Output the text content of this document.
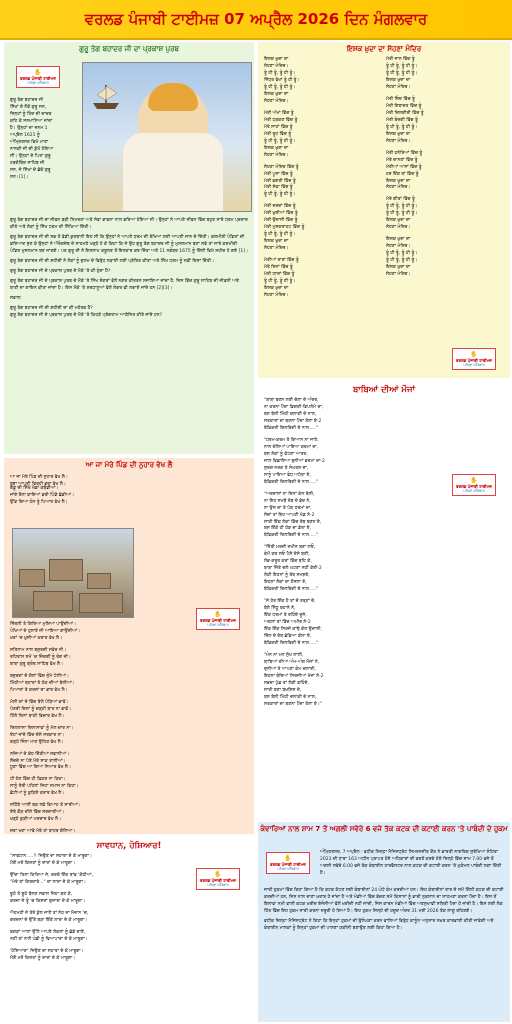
ਵਰਲਡ ਪੰਜਾਬੀ ਟਾਈਮਜ਼ 07 ਅਪ੍ਰੈਲ 2026 ਦਿਨ ਮੰਗਲਵਾਰ
ਗੁਰੂ ਤੇਗ ਬਹਾਦਰ ਜੀ ਦਾ ਪ੍ਰਕਾਸ਼ ਪੁਰਬ
✋
ਵਰਲਡ ਪੰਜਾਬੀ ਟਾਈਮਜ਼
ਪਹਿਲਾਂ ਸਤਿਕਾਰ
ਗੁਰੂ ਤੇਗ ਬਹਾਦਰ ਜੀ
ਸਿੱਖਾਂ ਦੇ ਨੌਵੇਂ ਗੁਰੂ ਸਨ,
ਜਿਨ੍ਹਾਂ ਨੂੰ ਹਿੰਦ ਦੀ ਚਾਦਰ
ਕਹਿ ਕੇ ਸਨਮਾਨਿਆ ਜਾਂਦਾ
ਹੈ। ਉਨ੍ਹਾਂ ਦਾ ਜਨਮ 1
ਅਪ੍ਰੈਲ 1621 ਨੂੰ
ਅੰਮ੍ਰਿਤਸਰ ਵਿਖੇ ਮਾਤਾ
ਨਾਨਕੀ ਜੀ ਦੀ ਕੁੱਖੋਂ ਹੋਇਆ
ਸੀ। ਉਨ੍ਹਾਂ ਦੇ ਪਿਤਾ ਗੁਰੂ
ਹਰਗੋਬਿੰਦ ਸਾਹਿਬ ਜੀ
ਸਨ, ਜੋ ਸਿੱਖਾਂ ਦੇ ਛੇਵੇਂ ਗੁਰੂ
ਸਨ।[1]।

ਗੁਰੂ ਤੇਗ ਬਹਾਦਰ ਜੀ ਦਾ ਜੀਵਨ ਬੜੀ ਨਿਮਰਤਾ ਅਤੇ ਸੇਵਾ ਭਾਵਨਾ ਨਾਲ ਭਰਿਆ ਹੋਇਆ ਸੀ। ਉਨ੍ਹਾਂ ਨੇ ਆਪਣੇ ਜੀਵਨ ਵਿੱਚ ਬਹੁਤ ਸਾਰੇ ਧਰਮ ਪ੍ਰਚਾਰ ਕੀਤੇ ਅਤੇ ਲੋਕਾਂ ਨੂੰ ਸਿੱਖ ਧਰਮ ਦੀ ਸਿੱਖਿਆ ਦਿੱਤੀ।

ਗੁਰੂ ਤੇਗ ਬਹਾਦਰ ਜੀ ਦੀ ਸਭ ਤੋਂ ਵੱਡੀ ਕੁਰਬਾਨੀ ਇਹ ਸੀ ਕਿ ਉਨ੍ਹਾਂ ਨੇ ਆਪਣੇ ਧਰਮ ਦੀ ਰੱਖਿਆ ਲਈ ਆਪਣੀ ਜਾਨ ਦੇ ਦਿੱਤੀ। ਕਸ਼ਮੀਰੀ ਪੰਡਿਤਾਂ ਦੀ ਫ਼ਰਿਆਦ ਸੁਣ ਕੇ ਉਨ੍ਹਾਂ ਨੇ ਔਰੰਗਜ਼ੇਬ ਦੇ ਸਾਹਮਣੇ ਖੜ੍ਹੇ ਹੋ ਕੇ ਕਿਹਾ ਕਿ ਜੇ ਉਹ ਗੁਰੂ ਤੇਗ ਬਹਾਦਰ ਜੀ ਨੂੰ ਮੁਸਲਮਾਨ ਬਣਾ ਲਵੇ ਤਾਂ ਸਾਰੇ ਕਸ਼ਮੀਰੀ ਪੰਡਿਤ ਮੁਸਲਮਾਨ ਬਣ ਜਾਣਗੇ। ਪਰ ਗੁਰੂ ਜੀ ਨੇ ਇਸਲਾਮ ਕਬੂਲਣ ਤੋਂ ਇਨਕਾਰ ਕਰ ਦਿੱਤਾ ਅਤੇ 11 ਨਵੰਬਰ 1675 ਨੂੰ ਦਿੱਲੀ ਵਿਖੇ ਸ਼ਹੀਦ ਹੋ ਗਏ [1]।

ਗੁਰੂ ਤੇਗ ਬਹਾਦਰ ਜੀ ਦੀ ਸ਼ਹੀਦੀ ਨੇ ਲੋਕਾਂ ਨੂੰ ਜ਼ੁਲਮ ਦੇ ਵਿਰੁੱਧ ਲੜਾਈ ਲਈ ਪ੍ਰੇਰਿਤ ਕੀਤਾ ਅਤੇ ਸਿੱਖ ਧਰਮ ਨੂੰ ਨਵੀਂ ਦਿਸ਼ਾ ਦਿੱਤੀ।

ਗੁਰੂ ਤੇਗ ਬਹਾਦਰ ਜੀ ਦੇ ਪ੍ਰਕਾਸ਼ ਪੁਰਬ ਦੇ ਮੌਕੇ 'ਤੇ ਕੀ ਹੁੰਦਾ ਹੈ?

ਗੁਰੂ ਤੇਗ ਬਹਾਦਰ ਜੀ ਦੇ ਪ੍ਰਕਾਸ਼ ਪੁਰਬ ਦੇ ਮੌਕੇ 'ਤੇ ਸਿੱਖ ਸੰਗਤਾਂ ਵੱਲੋਂ ਨਗਰ ਕੀਰਤਨ ਸਜਾਇਆ ਜਾਂਦਾ ਹੈ, ਜਿਸ ਵਿੱਚ ਗੁਰੂ ਸਾਹਿਬ ਦੀ ਜੀਵਨੀ ਅਤੇ ਬਾਣੀ ਦਾ ਗਾਇਨ ਕੀਤਾ ਜਾਂਦਾ ਹੈ। ਇਸ ਮੌਕੇ 'ਤੇ ਸ਼ਰਧਾਲੂਆਂ ਵੱਲੋਂ ਲੰਗਰ ਵੀ ਲਗਾਏ ਜਾਂਦੇ ਹਨ [2][3]।

ਸਵਾਲ:

ਗੁਰੂ ਤੇਗ ਬਹਾਦਰ ਜੀ ਦੀ ਸ਼ਹੀਦੀ ਦਾ ਕੀ ਮਹੱਤਵ ਹੈ?

ਗੁਰੂ ਤੇਗ ਬਹਾਦਰ ਜੀ ਦੇ ਪ੍ਰਕਾਸ਼ ਪੁਰਬ ਦੇ ਮੌਕੇ 'ਤੇ ਕਿਹੜੇ ਪ੍ਰੋਗਰਾਮ ਆਯੋਜਿਤ ਕੀਤੇ ਜਾਂਦੇ ਹਨ?

ਇਸ਼ਕ ਖ਼ੁਦਾ ਦਾ ਸੋਹਣਾ ਮੰਦਿਰ
ਇਸ਼ਕ ਖ਼ੁਦਾ ਦਾ
ਸੋਹਣਾ ਮੰਦਿਰ।
ਤੂੰ ਹੀ ਤੂੰ, ਤੂੰ ਹੀ ਤੂੰ।
ਜਿੱਧਰ ਵੇਖਾਂ ਤੂੰ ਹੀ ਤੂੰ।
ਤੂੰ ਹੀ ਤੂੰ, ਤੂੰ ਹੀ ਤੂੰ।
ਇਸ਼ਕ ਖ਼ੁਦਾ ਦਾ
ਸੋਹਣਾ ਮੰਦਿਰ।
ਮੇਰੀ ਅੱਖਾਂ ਵਿੱਚ ਤੂੰ
ਮੇਰੀ ਧੜਕਣ ਵਿੱਚ ਤੂੰ
ਮੇਰੇ ਸਾਹਾਂ ਵਿੱਚ ਤੂੰ
ਮੇਰੀ ਰੂਹ ਵਿੱਚ ਤੂੰ
ਤੂੰ ਹੀ ਤੂੰ, ਤੂੰ ਹੀ ਤੂੰ।
ਇਸ਼ਕ ਖ਼ੁਦਾ ਦਾ
ਸੋਹਣਾ ਮੰਦਿਰ।
ਸੋਹਣਾ ਮੰਦਿਰ ਵਿੱਚ ਤੂੰ
ਮੇਰੀ ਪੂਜਾ ਵਿੱਚ ਤੂੰ
ਮੇਰੀ ਭਗਤੀ ਵਿੱਚ ਤੂੰ
ਮੇਰੀ ਸੇਵਾ ਵਿੱਚ ਤੂੰ
ਤੂੰ ਹੀ ਤੂੰ, ਤੂੰ ਹੀ ਤੂੰ।
ਮੇਰੀ ਦਰਦਾਂ ਵਿੱਚ ਤੂੰ
ਮੇਰੀ ਖ਼ੁਸ਼ੀਆਂ ਵਿੱਚ ਤੂੰ
ਮੇਰੀ ਉਦਾਸੀ ਵਿੱਚ ਤੂੰ
ਮੇਰੀ ਮੁਸਕਰਾਹਟ ਵਿੱਚ ਤੂੰ
ਤੂੰ ਹੀ ਤੂੰ, ਤੂੰ ਹੀ ਤੂੰ।
ਇਸ਼ਕ ਖ਼ੁਦਾ ਦਾ
ਸੋਹਣਾ ਮੰਦਿਰ।
ਮੇਰੀਆਂ ਰਾਤਾਂ ਵਿੱਚ ਤੂੰ
ਮੇਰੇ ਦਿਨਾਂ ਵਿੱਚ ਤੂੰ
ਮੇਰੀ ਯਾਦਾਂ ਵਿੱਚ ਤੂੰ
ਤੂੰ ਹੀ ਤੂੰ, ਤੂੰ ਹੀ ਤੂੰ।
ਇਸ਼ਕ ਖ਼ੁਦਾ ਦਾ
ਸੋਹਣਾ ਮੰਦਿਰ।
ਮੇਰੀ ਜਾਨ ਵਿੱਚ ਤੂੰ
ਤੂੰ ਹੀ ਤੂੰ, ਤੂੰ ਹੀ ਤੂੰ।
ਤੂੰ ਹੀ ਤੂੰ, ਤੂੰ ਹੀ ਤੂੰ।
ਇਸ਼ਕ ਖ਼ੁਦਾ ਦਾ
ਸੋਹਣਾ ਮੰਦਿਰ।
ਮੇਰੀ ਜ਼ਿੰਦ ਵਿੱਚ ਤੂੰ
ਮੇਰੀ ਇਬਾਦਤ ਵਿੱਚ ਤੂੰ
ਮੇਰੀ ਦਿਲਗੀਰੀ ਵਿੱਚ ਤੂੰ
ਮੇਰੀ ਬੰਦਗੀ ਵਿੱਚ ਤੂੰ
ਤੂੰ ਹੀ ਤੂੰ, ਤੂੰ ਹੀ ਤੂੰ।
ਇਸ਼ਕ ਖ਼ੁਦਾ ਦਾ
ਸੋਹਣਾ ਮੰਦਿਰ।
ਮੇਰੀ ਹਨੇਰਿਆਂ ਵਿੱਚ ਤੂੰ
ਮੇਰੇ ਚਾਨਣਾਂ ਵਿੱਚ ਤੂੰ
ਮੇਰੀਆਂ ਆਸਾਂ ਵਿੱਚ ਤੂੰ
ਹਰ ਇੱਕ ਥਾਂ ਵਿੱਚ ਤੂੰ
ਇਸ਼ਕ ਖ਼ੁਦਾ ਦਾ
ਸੋਹਣਾ ਮੰਦਿਰ।
ਮੇਰੇ ਗੀਤਾਂ ਵਿੱਚ ਤੂੰ
ਤੂੰ ਹੀ ਤੂੰ, ਤੂੰ ਹੀ ਤੂੰ।
ਤੂੰ ਹੀ ਤੂੰ, ਤੂੰ ਹੀ ਤੂੰ।
ਇਸ਼ਕ ਖ਼ੁਦਾ ਦਾ
ਸੋਹਣਾ ਮੰਦਿਰ।
ਇਸ਼ਕ ਖ਼ੁਦਾ ਦਾ
ਸੋਹਣਾ ਮੰਦਿਰ।
ਤੂੰ ਹੀ ਤੂੰ, ਤੂੰ ਹੀ ਤੂੰ।
ਤੂੰ ਹੀ ਤੂੰ, ਤੂੰ ਹੀ ਤੂੰ।
ਇਸ਼ਕ ਖ਼ੁਦਾ ਦਾ
ਸੋਹਣਾ ਮੰਦਿਰ।
✋
ਵਰਲਡ ਪੰਜਾਬੀ ਟਾਈਮਜ਼
ਪਹਿਲਾਂ ਸਤਿਕਾਰ
ਬਾਬਿਆਂ ਦੀਆਂ ਮੌਜਾਂ
"ਬਾਬਾ ਬਣਨ ਲਈ ਚੇਲਾ ਦੇ ਅੰਦਰ,
ਨਾ ਕਰਨਾ ਪੈਂਦਾ ਡਿਗਰੀ-ਡਿਪਲੋਮੇ ਦਾ,
ਬਸ ਬੋਲੀ ਮਿੱਠੀ ਚਲਾਕੀ ਦੇ ਨਾਲ,
ਸਤਕਾਰਾਂ ਦਾ ਬਣਨਾ ਪੈਂਦਾ ਤੇਲਾ ਏ-2
ਬੇਫ਼ਿਕਰੀ ਦਿਲਰਿਗੀ ਦੇ ਨਾਲ....."
"ਧਰਮ-ਕਰਮ ਤੇ ਗਿਆਨ ਨਾ ਜਾਣੇ,
ਨਾਲ ਚੇਲਿਆਂ ਪਾਇਆ ਕਰਮਾਂ ਦਾ,
ਬਸ ਲੋਕਾਂ ਨੂੰ ਵੱਟਣਾ ਆਤਰ,
ਜਾਲ ਵਿਛਾਇਆ ਦੁਨੀਆਂ ਭਰਮਾਂ ਦਾ-2
ਸੁਰਗ-ਨਰਕ ਤੇ ਸੰਘਰਸ਼ ਦਾ,
ਸਾਨੂੰ ਪਾਇਆ ਫੰਧ ਅਧੇਰਾ ਏ,
ਬੇਫ਼ਿਕਰੀ ਦਿਲਰਿਗੀ ਦੇ ਨਾਲ....."
"ਅਰਦਾਸਾਂ ਨਾ ਦਿਨਾਂ ਕੋਲ ਥੇਲੀ,
ਨਾ ਇਹ ਸਮਝੇ ਰੱਬ ਦੇ ਭੇਦ ਨੇ,
ਨਾ ਉਸ ਦਾ ਤੇ ਪੱਕ ਧਰਮਾਂ ਦਾ,
ਸੋਚਾਂ ਤਾਂ ਇਹ ਆਪਣੀ ਖੇਡ ਨੇ-2
ਸਾਰੀ ਇੱਕ ਲੋਕਾਂ ਵਿੱਚ ਰੱਬ ਬਣਨ ਏ,
ਬਸ ਇੱਕੋ ਹੀ ਹੱਕ ਦਾ ਡੇਰਾ ਏ,
ਬੇਫ਼ਿਕਰੀ ਦਿਲਰਿਗੀ ਦੇ ਨਾਲ....."
"ਜਿੱਤੀ ਮਰਜ਼ੀ ਜਮੀਨ ਬਣਾ ਲਓ,
ਕੰਮੋਂ ਕਰ ਲਓ ਪੈਸੇ ਦੇਸੋ ਬਣੀ,
ਲੋਭ-ਕਰੂਰ ਕਰਾਂ ਵਿੱਚ ਬਹਿ ਕੇ,
ਬਾਬਾ ਜਿੱਤੇ ਚਲੋ ਘਟਣਾ ਨਹੀਂ ਕੋਈ-2
ਲੋਕੀ ਇਹਨਾਂ ਨੂੰ ਰੱਬ ਸਮਝਦੇ,
ਇਹਨਾਂ ਲੋਕਾਂ ਦਾ ਹੌਸਲਾ ਏ,
ਬੇਫ਼ਿਕਰੀ ਦਿਲਰਿਗੀ ਦੇ ਨਾਲ....."
"ਜੇ ਹੋਰ ਇੱਕ ਹੈ ਤਾਂ ਦੋ ਤਰ੍ਹਾਂ ਦੇ,
ਬੋਲੋ ਸਿੱਧੂ ਬਹਾਨੇ ਨੇ,
ਇੱਕ ਧਰਮਾਂ ਤੇ ਰਹਿੰਦੇ ਦੂਜੇ,
ਅਕਲਾਂ ਤਾਂ ਵਿੱਚ ਅਮੀਰ ਨੇ-2
ਇੱਕ ਇੱਕ ਸਿਰਜੇ ਕਾਂਢੇ ਕੋਲ ਉਦਾਸੀ,
ਦਿੱਲ ਦੇ ਰੱਬ ਛੱਡਿਆ ਕੋਲਾ ਏ,
ਬੇਫ਼ਿਕਰੀ ਦਿਲਰਿਗੀ ਦੇ ਨਾਲ....."
"ਮੰਨ ਨਾ ਮਨ ਸੁੱਖ ਲਾਲੀ,
ਬਾਬਿਆਂ ਦੀਆਂ ਅੰਮ-ਅੰਗ ਮੌਜਾਂ ਨੇ,
ਦੁਨੀਆਂ ਤੇ ਆਪਣਾ ਕੰਮ ਚਲਾਈ,
ਇਹਨਾਂ ਬੰਦਿਆਂ ਸਿਰਜੀਆਂ ਖੋਜਾਂ ਨੇ-2
ਸਭਦਾ ਪੁੱਛ ਤਾਂ ਲੋਕੀ ਕਹਿੰਦੇ,
ਸਾਰੀ ਬਣਾ ਬਖ਼ਸ਼ਿਸ਼ ਦੇ,
ਬਸ ਬੋਲੀ ਮਿੱਠੀ ਚਲਾਕੀ ਦੇ ਨਾਲ,
ਸਤਕਾਰਾਂ ਦਾ ਬਣਨਾ ਪੈਂਦਾ ਤੇਲਾ ਏ।"
✋
ਵਰਲਡ ਪੰਜਾਬੀ ਟਾਈਮਜ਼
ਪਹਿਲਾਂ ਸਤਿਕਾਰ
ਆ ਜਾ ਮੇਰੇ ਪਿੰਡ ਦੀ ਨੁਹਾਰ ਵੇਖ ਲੈ
ਆ ਜਾ ਮੇਰੇ ਪਿੰਡ ਦੀ ਨੁਹਾਰ ਵੇਖ ਲੈ।
ਬੁਝਾ ਆਪਣੀ ਵਿਰਹੀ ਭਰਾ ਵੇਖ ਲੈ।
ਗੱਡੂ ਦੀ ਸਿੱਖੇ ਖੇਡਾਂ ਕਬੱਡੀਆਂ।
ਜਾਂਦੇ ਰੌਲਾ ਕਾਇਆਂ ਭਰੀ ਪਿੰਡੇ ਛੱਡੀਆਂ।
ਉੱਡ ਗਿਆ ਹੰਸ ਤੂੰ ਪਿਆਰ ਵੇਖ ਲੈ।
ਜਿੱਥਲੀ ਤੇ ਗਿਰਿਆ ਮੁਸ਼ਿਆਂ ਪਾਉਂਦੀਆਂ।
ਪੰਖਿਆਂ ਦੇ ਹੁਲਾਰੇ ਜੀ ਆਇਆ ਗਾਉਂਦੀਆਂ।
ਖ਼ਰਾਂ 'ਚ ਖ਼ੁਸ਼ੀਆਂ ਕਰਾਰ ਵੇਖ ਲੈ।
ਸਤਿਨਾਮ ਨਾਲ ਬਜ਼ੁਰਗੀ ਸਵੇਰ ਜੀ।
ਰਹਿਰਾਸ ਸਮੇਂ 'ਚ ਜ਼ਿੰਦਗੀ ਨੂੰ ਰੰਗ ਜੀ।
ਬਾਬਾ ਗੁਰੂ ਗ੍ਰੰਥ ਸਾਹਿਬ ਵੇਖ ਲੈ।
ਬਜ਼ੁਰਗਾਂ ਦੇ ਗੱਲਾਂ ਵਿੱਚ ਜੁੰਮੇ ਟੋਲੀਆਂ।
ਮਿੱਠੀਆਂ ਬਹਾਰਾਂ ਤੇ ਹੱਕ ਦੀਆਂ ਬੋਲੀਆਂ।
ਪਿਆਰਾਂ ਤੇ ਕਰਜ਼ਾਂ ਦਾ ਭਾਰ ਵੇਖ ਲੈ।
ਮੱਲੀ ਗਾਂ ਦੇ ਵਿੱਚ ਬੋਲੋ ਪੋੜਿਆਂ ਭਾਵੇਂ।
ਪੋਤਰੀ ਦਿਲਾਂ ਨੂੰ ਚੜ੍ਹੀ ਬਾਤ ਨਾ ਭਾਵੇਂ।
ਹਿੱਲੇ ਦਿਨਾਂ ਬਾਕੀ ਵਿਚਾਰ ਵੇਖ ਲੈ।
ਦਿਲਲਾਸਾ ਦਿਲਾਸਾਵਾਂ ਨੂੰ ਮੱਲ ਚਾਰ ਨਾ।
ਏਹਾਂ ਜਾਂਦੇ ਵਿੱਚ ਦੇਸੇ ਸਰਕਾਰ ਨਾ।
ਗੜ੍ਹੇ ਜਿੰਨਾ ਮਾਣ ਉਹਿਤ ਵੇਖ ਲੈ।
ਨਜ਼ਿਆਂ ਦੇ ਕੋਹ ਦਿੱਤੀਆਂ ਜਵਾਨੀਆਂ।
ਸੌਚਦੇ ਨਾ ਪੱਤੇ ਮੇਰੇ ਸਾਕ ਤਾਲੀਆਂ।
ਧੂਣਾ ਵਿੱਚ ਆ ਗਿਆ ਨਿਆਰ ਵੇਖ ਲੈ।
ਧੀ ਹੋਣ ਵਿੱਚ ਹੀ ਫ਼ਿਕਰ ਨਾ ਕਿਹਾ।
ਸਾਨੂੰ ਤੇਰੀ ਪਹਿਲਾਂ ਜਿਹਾ ਸਮਾਜ ਨਾ ਕਿਹਾ।
ਛੋਟੀਆਂ ਨੂੰ ਕੁੜਿਏ ਕਰਾਰ ਵੇਖ ਲੈ।
ਸਹਿੱਬੇ ਆਲੀਂ ਬਕ ਲਵੇ ਵਿਆਹ ਤੇ ਸਾਰੀਆਂ।
ਏਥੇ ਕੌੜ ਦੀਲੇ ਵਿੱਚ ਸਰਦਾਰੀਆਂ।
ਖ਼ੜ੍ਹੇ ਕੁੜੀਆਂ ਮਰਦਾਰ ਵੇਖ ਲੈ।
ਜ਼ਰਾ ਖਣਾ ਆਵੇ ਮੇਰੇ ਤਾਂ ਬਾਹਰ ਚੱਲਿਆ।
✋
ਵਰਲਡ ਪੰਜਾਬੀ ਟਾਈਮਜ਼
ਪਹਿਲਾਂ ਸਤਿਕਾਰ
ਸਾਵਧਾਨ, ਹੋਸ਼ਿਆਰ!
"ਸਾਵਧਾਨ.....!! ਜਿਉਣ ਦਾ ਸਹਾਰਾ ਦੇ ਕੇ ਮਾਰੂਗਾ।
ਮੌਗੋਂ ਮਰੋਂ ਕਿਸ਼ਤਾਂ ਨੂੰ ਦਾਰਾਂ ਦੇ ਕੇ ਮਾਰੂਗਾ।
ਉੱਚਾ ਤਿਲਾ ਕਿਰਿਆ ਜੇ, ਕਰਕੇ ਇੱਕ ਥਾਂਵ 'ਕੱਠੀਆਂ,
"ਮੇਰੇ ਤਾਂ ਕਿਰਦਾਰੇ..." ਦਾ ਲਾਰਾ ਦੇ ਕੇ ਮਾਰੂਗਾ।
ਝੂਠੇ ਤੇ ਝੂਠੇ ਬੋਲਣ ਸਵਾਲ ਜਿਹਾ ਬਣ ਕੇ,
ਕਰਜ਼ਾ ਜੇ ਤੂੰ 'ਚ ਕਿਸ਼ਤਾਂ ਗੁਜ਼ਾਰਾ ਦੇ ਕੇ ਮਾਰੂਗਾ।
ਐਹਮਹੀ ਜੇ ਤੇਰੇ ਕੁੱਲ ਜਾਣੋਂ ਤਾਂ ਨੱਠ ਜਾ ਮੈਦਾਨ 'ਚ,
ਗਰਦਨਾਂ ਦੇ ਉੱਤੇ ਬੜਾ ਇੱਕੋ ਲਾਰਾ ਦੇ ਕੇ ਮਾਰੂਗਾ।
ਬਗੜਾਂ ਆਲਾ ਉੱਲੋ ਆਪਣੇ ਲੋਕਲਾਂ ਨੂੰ ਛੱਡੇ ਦਾਣੋਂ,
ਨਹੀਂ ਤਾਂ ਨਾਲੋਂ ਪੰਛੀ ਨੂੰ ਵਿਆਪਾਰਾ ਦੇ ਕੇ ਮਾਰੂਗਾ।
'ਹੋਸ਼ਿਆਰਾ' ਜਿਉਣ ਦਾ ਸਹਾਰਾ ਦੇ ਕੇ ਮਾਰੂਗਾ।
ਮੌਗੋਂ ਮਰੋਂ ਕਿਸ਼ਤਾਂ ਨੂੰ ਦਾਰਾਂ ਦੇ ਕੇ ਮਾਰੂਗਾ।
✋
ਵਰਲਡ ਪੰਜਾਬੀ ਟਾਈਮਜ਼
ਪਹਿਲਾਂ ਸਤਿਕਾਰ
ਕੰਵਾਰਿਆਂ ਨਾਲ ਸ਼ਾਮ 7 ਤੋਂ ਅਗਲੀ ਸਵੇਰੇ 6 ਵਜੇ ਤੱਕ ਕਟਕ ਦੀ ਕਟਾਈ ਕਰਨ 'ਤੇ ਪਾਬੰਦੀ ਦੇ ਹੁਕਮ
✋
ਵਰਲਡ ਪੰਜਾਬੀ ਟਾਈਮਜ਼
ਪਹਿਲਾਂ ਸਤਿਕਾਰ

ਅੰਮ੍ਰਿਤਸਰ, 7 ਅਪ੍ਰੈਲ : ਵਧੀਕ ਜ਼ਿਲ੍ਹਾ ਮੈਜਿਸਟ੍ਰੇਟ ਸਿਮਰਨਜੀਤ ਕੌਰ ਨੇ ਭਾਰਤੀ ਨਾਗਰਿਕ ਸੁਰੱਖਿਆ ਸੰਹਿਤਾ 2023 ਦੀ ਧਾਰਾ 163 ਅਧੀਨ ਪ੍ਰਾਪਤ ਹੋਏ ਅਧਿਕਾਰਾਂ ਦੀ ਵਰਤੋਂ ਕਰਦੇ ਹੋਏ ਜ਼ਿਲ੍ਹੇ ਵਿੱਚ ਸ਼ਾਮ 7.00 ਵਜੇ ਤੋਂ ਅਗਲੀ ਸਵੇਰੇ 6.00 ਵਜੇ ਤੱਕ ਕੰਬਾਈਨ ਹਾਰਵੈਸਟਰ ਨਾਲ ਕਟਕ ਦੀ ਕਟਾਈ ਕਰਨ 'ਤੇ ਮੁਕੰਮਲ ਪਾਬੰਦੀ ਲਗਾ ਦਿੱਤੀ ਹੈ।

ਜਾਰੀ ਹੁਕਮਾਂ ਵਿੱਚ ਕਿਹਾ ਗਿਆ ਹੈ ਕਿ ਕਟਕ ਕੱਟਣ ਲਈ ਕੰਬਾਈਨਾਂ 24 ਘੰਟੇ ਕੰਮ ਕਰਦੀਆਂ ਹਨ। ਇਹ ਕੰਬਾਈਨਾਂ ਰਾਤ ਦੇ ਸਮੇਂ ਗਿੱਲੀ ਕਟਕ ਦੀ ਕਟਾਈ ਕਰਦੀਆਂ ਹਨ, ਜਿਸ ਨਾਲ ਦਾਣਾ ਖ਼ਰਾਬ ਹੋ ਜਾਂਦਾ ਹੈ ਅਤੇ ਮੰਡੀਆਂ ਵਿੱਚ ਵੇਚਣ ਸਮੇਂ ਕਿਸਾਨਾਂ ਨੂੰ ਭਾਰੀ ਨੁਕਸਾਨ ਦਾ ਸਾਹਮਣਾ ਕਰਨਾ ਪੈਂਦਾ ਹੈ। ਇਸ ਤੋਂ ਇਲਾਵਾ ਨਮੀ ਵਾਲੀ ਕਟਕ ਖ਼ਰੀਦ ਏਜੰਸੀਆਂ ਵੱਲੋਂ ਖ਼ਰੀਦੀ ਨਹੀਂ ਜਾਂਦੀ, ਜਿਸ ਕਾਰਨ ਮੰਡੀਆਂ ਵਿੱਚ ਅਣਸੁਖਾਵੀਂ ਸਥਿਤੀ ਪੈਦਾ ਹੋ ਜਾਂਦੀ ਹੈ। ਇਸ ਲਈ ਲੋਕ ਹਿੱਤ ਵਿੱਚ ਇਹ ਹੁਕਮ ਜਾਰੀ ਕਰਨਾ ਜ਼ਰੂਰੀ ਹੋ ਗਿਆ ਹੈ। ਇਹ ਹੁਕਮ ਜ਼ਿਲ੍ਹੇ ਦੀ ਹਦੂਦ ਅੰਦਰ 31 ਮਈ 2026 ਤੱਕ ਲਾਗੂ ਰਹਿਣਗੇ।

ਵਧੀਕ ਜ਼ਿਲ੍ਹਾ ਮੈਜਿਸਟ੍ਰੇਟ ਨੇ ਕਿਹਾ ਕਿ ਇਨ੍ਹਾਂ ਹੁਕਮਾਂ ਦੀ ਉਲੰਘਣਾ ਕਰਨ ਵਾਲਿਆਂ ਵਿਰੁੱਧ ਕਾਨੂੰਨ ਅਨੁਸਾਰ ਸਖ਼ਤ ਕਾਰਵਾਈ ਕੀਤੀ ਜਾਵੇਗੀ ਅਤੇ ਕੰਬਾਈਨ ਮਾਲਕਾਂ ਨੂੰ ਇਨ੍ਹਾਂ ਹੁਕਮਾਂ ਦੀ ਪਾਲਣਾ ਯਕੀਨੀ ਬਣਾਉਣ ਲਈ ਕਿਹਾ ਗਿਆ ਹੈ।
